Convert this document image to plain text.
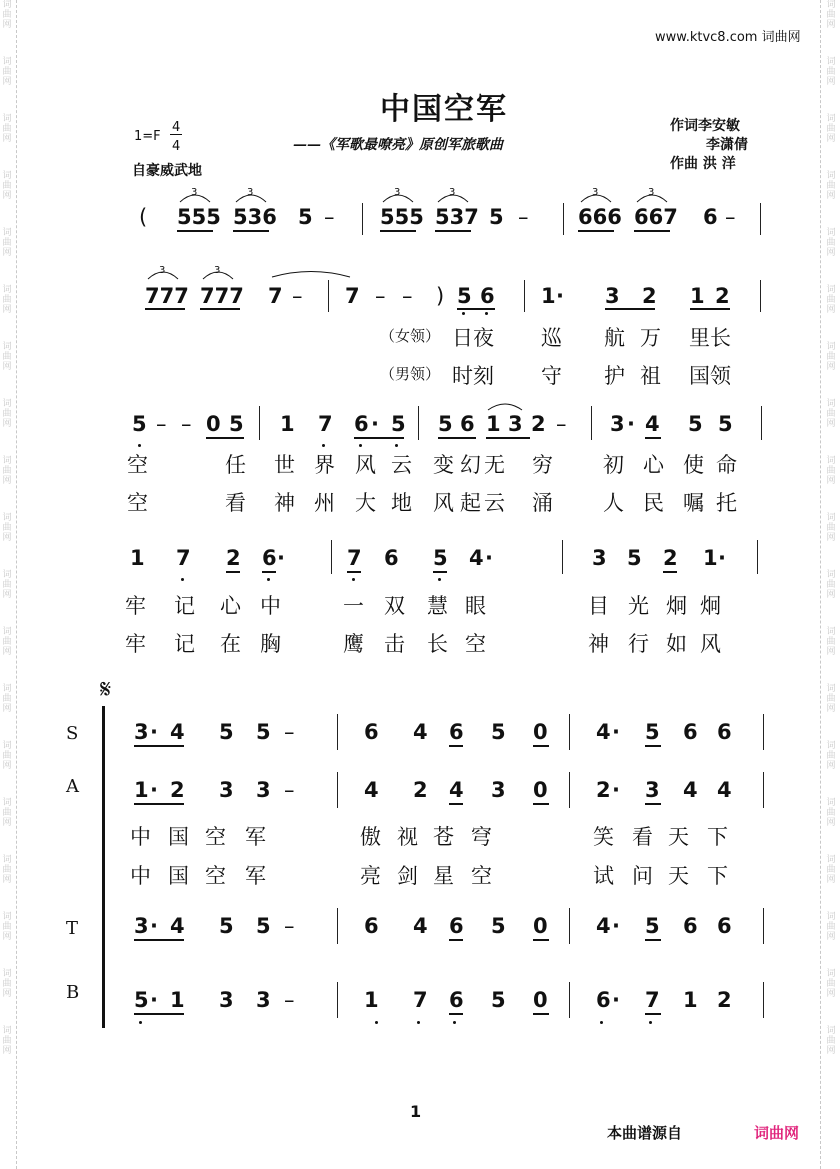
词
曲
网
词
曲
网
词
曲
网
词
曲
网
词
曲
网
词
曲
网
词
曲
网
词
曲
网
词
曲
网
词
曲
网
词
曲
网
词
曲
网
词
曲
网
词
曲
网
词
曲
网
词
曲
网
词
曲
网
词
曲
网
词
曲
网
词
曲
网
词
曲
网
词
曲
网
词
曲
网
词
曲
网
词
曲
网
词
曲
网
词
曲
网
词
曲
网
词
曲
网
词
曲
网
词
曲
网
词
曲
网
词
曲
网
词
曲
网
词
曲
网
词
曲
网
词
曲
网
词
曲
网
www.ktvc8.com 词曲网
中国空军
——《军歌最嘹亮》原创军旅歌曲
1=F
4
4
自豪威武地
作词李安敏
李潇倩
作曲 洪 洋
( 555 536 5 – 555 537 5 – 666 667 6 –
3	3	3	3	3	3
777 777 7 – 7 – – ) 5 6 1 · 3 2 1 2
3	3
（女领） 日夜 巡 航 万 里长
（男领） 时刻 守 护 祖 国领
5 – – 0 5 1 7 6 · 5 5 6 1 3 2 – 3 · 4 5 5
空	任 世 界 风 云 变 幻 无 穷 初 心 使 命
空	看 神 州 大 地 风 起 云 涌 人 民 嘱 托
1 7 2 6 ·	7 6 5 4 ·	3 5 2 1 ·
牢 记 心 中	一 双 慧 眼	目 光 炯 炯
牢 记 在 胸	鹰 击 长 空	神 行 如 风
𝄋
S
A
T
B
3 · 4 5 5 –	6 4 6 5 0 4 · 5 6 6
1 · 2 3 3 –	4 2 4 3 0 2 · 3 4 4
3 · 4 5 5 –	6 4 6 5 0 4 · 5 6 6
5 · 1 3 3 –	1 7 6 5 0 6 · 7 1 2
中 国 空 军	傲 视 苍 穹	笑 看 天 下
中 国 空 军	亮 剑 星 空	试 问 天 下
1
本曲谱源自	词曲网
